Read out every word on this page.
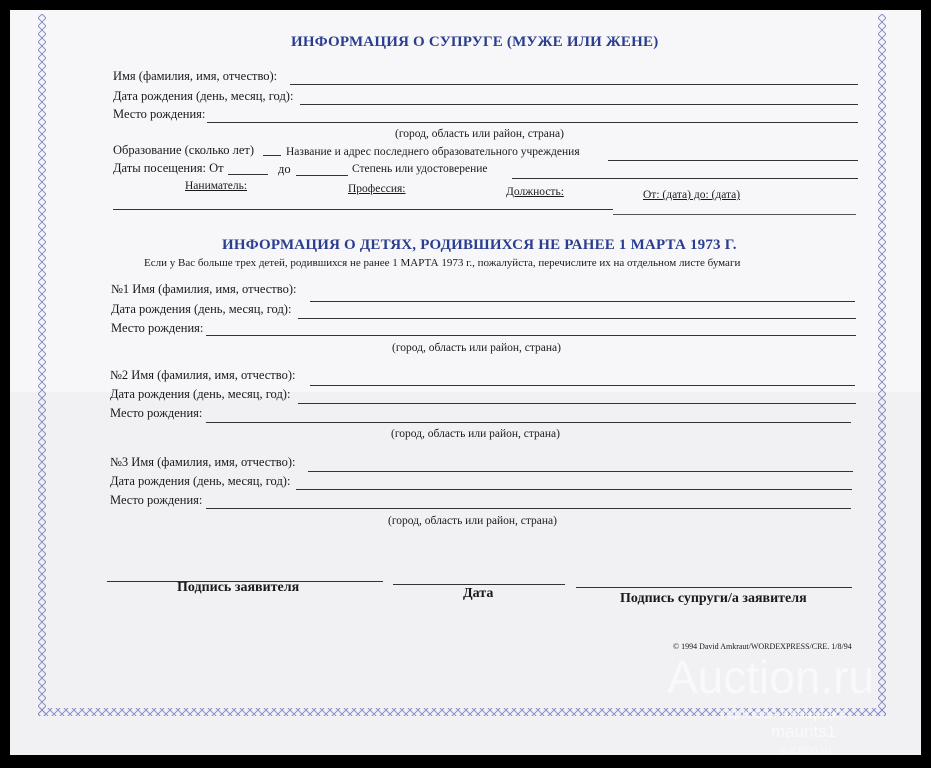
ИНФОРМАЦИЯ О СУПРУГЕ (МУЖЕ ИЛИ ЖЕНЕ)
Имя (фамилия, имя, отчество):
Дата рождения (день, месяц, год):
Место рождения:
(город, область или район, страна)
Образование (сколько лет)	Название и адрес последнего образовательного учреждения
Даты посещения: От	до	Степень или удостоверение
Наниматель:	Профессия:	Должность:	От: (дата) до: (дата)
ИНФОРМАЦИЯ О ДЕТЯХ, РОДИВШИХСЯ НЕ РАНЕЕ 1 МАРТА 1973 Г.
Если у Вас больше трех детей, родившихся не ранее 1 МАРТА 1973 г., пожалуйста, перечислите их на отдельном листе бумаги
№1 Имя (фамилия, имя, отчество):
Дата рождения (день, месяц, год):
Место рождения:
(город, область или район, страна)
№2 Имя (фамилия, имя, отчество):
Дата рождения (день, месяц, год):
Место рождения:
(город, область или район, страна)
№3 Имя (фамилия, имя, отчество):
Дата рождения (день, месяц, год):
Место рождения:
(город, область или район, страна)
Подпись заявителя	Дата	Подпись супруги/а заявителя
© 1994 David Amkraut/WORDEXPRESS/CRE. 1/8/94
Auction.ru
торговая площадка
maurits1
auction.ru
